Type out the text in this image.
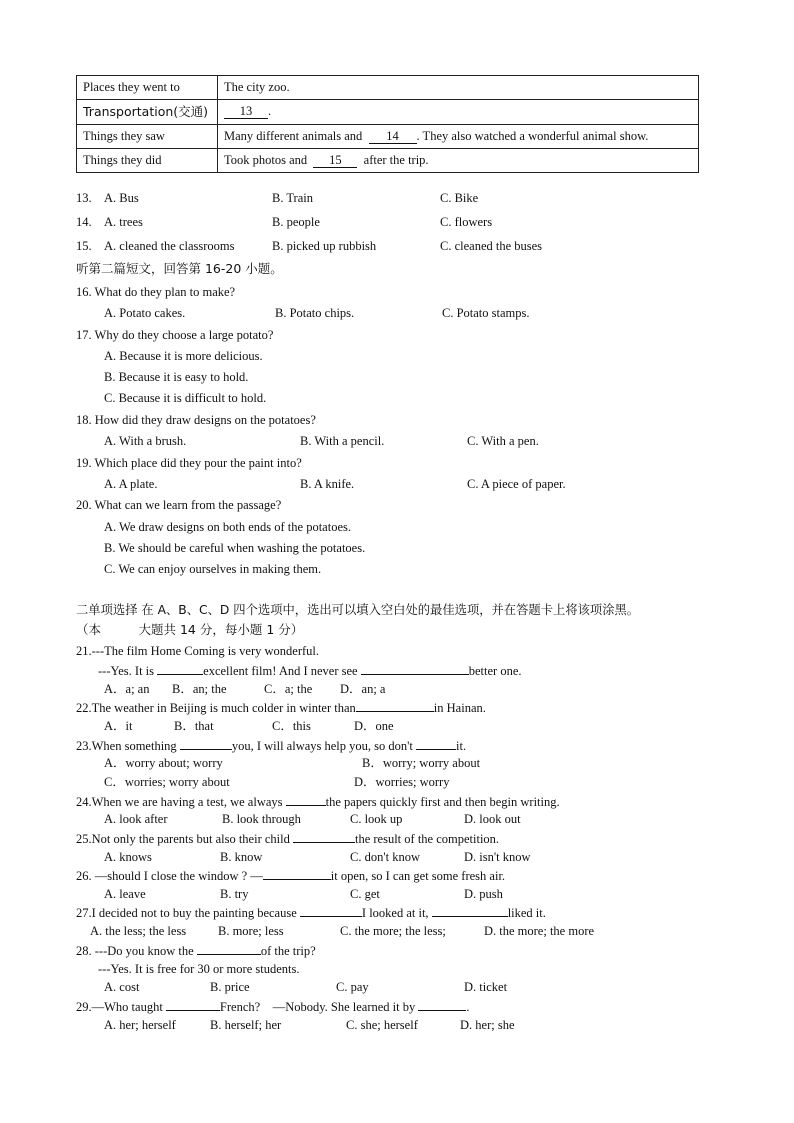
Places they went to	The city zoo.
Transportation(交通)	13 .
Things they saw	Many different animals and 14 . They also watched a wonderful animal show.
Things they did	Took photos and 15 after the trip.
13. A. Bus	B. Train	C. Bike
14. A. trees	B. people	C. flowers
15. A. cleaned the classrooms	B. picked up rubbish	C. cleaned the buses
听第二篇短文，回答第 16-20 小题。
16. What do they plan to make?
A. Potato cakes.	B. Potato chips.	C. Potato stamps.
17. Why do they choose a large potato?
A. Because it is more delicious.
B. Because it is easy to hold.
C. Because it is difficult to hold.
18. How did they draw designs on the potatoes?
A. With a brush.	B. With a pencil.	C. With a pen.
19. Which place did they pour the paint into?
A. A plate.	B. A knife.	C. A piece of paper.
20. What can we learn from the passage?
A. We draw designs on both ends of the potatoes.
B. We should be careful when washing the potatoes.
C. We can enjoy ourselves in making them.
二单项选择 在 A、B、C、D 四个选项中，选出可以填入空白处的最佳选项，并在答题卡上将该项涂黑。
（本　　　大题共 14 分，每小题 1 分）
21.---The film Home Coming is very wonderful.
---Yes. It is	excellent film! And I never see	better one.
A．a; an B．an; the	C．a; the D．an; a
22.The weather in Beijing is much colder in winter than	in Hainan.
A．it	B．that	C．this	D．one
23.When something	you, I will always help you, so don't	it.
A．worry about; worry	B．worry; worry about
C．worries; worry about	D．worries; worry
24.When we are having a test, we always	the papers quickly first and then begin writing.
A. look after	B. look through	C. look up	D. look out
25.Not only the parents but also their child	the result of the competition.
A. knows	B. know	C. don't know	D. isn't know
26. —should I close the window ? —	it open, so I can get some fresh air.
A. leave	B. try	C. get	D. push
27.I decided not to buy the painting because	I looked at it,	liked it.
A. the less; the less	B. more; less	C. the more; the less;	D. the more; the more
28. ---Do you know the	of the trip?
---Yes. It is free for 30 or more students.
A. cost	B. price	C. pay	D. ticket
29.—Who taught	French? —Nobody. She learned it by	.
A. her; herself	B. herself; her	C. she; herself	D. her; she
